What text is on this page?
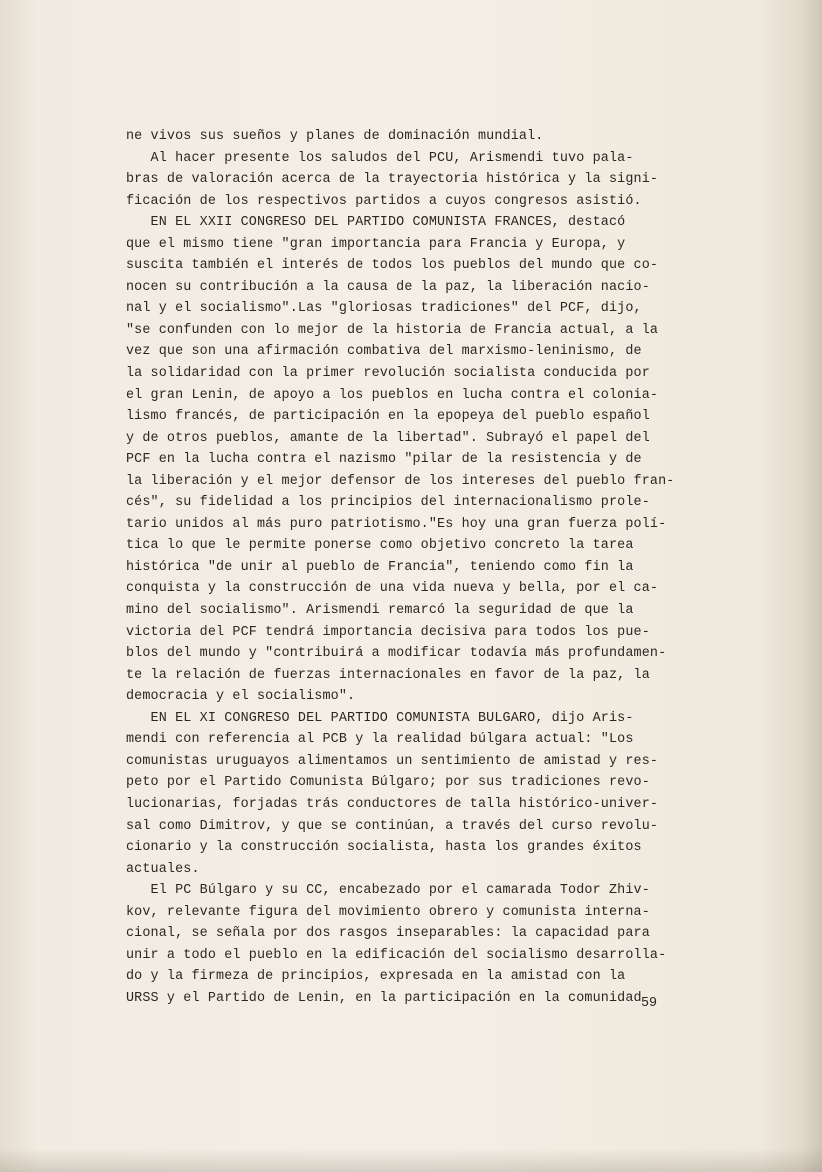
ne vivos sus sueños y planes de dominación mundial.
Al hacer presente los saludos del PCU, Arismendi tuvo pala-
bras de valoración acerca de la trayectoria histórica y la signi-
ficación de los respectivos partidos a cuyos congresos asistió.
EN EL XXII CONGRESO DEL PARTIDO COMUNISTA FRANCES, destacó
que el mismo tiene "gran importancia para Francia y Europa, y
suscita también el interés de todos los pueblos del mundo que co-
nocen su contribución a la causa de la paz, la liberación nacio-
nal y el socialismo".Las "gloriosas tradiciones" del PCF, dijo,
"se confunden con lo mejor de la historia de Francia actual, a la
vez que son una afirmación combativa del marxismo-leninismo, de
la solidaridad con la primer revolución socialista conducida por
el gran Lenin, de apoyo a los pueblos en lucha contra el colonia-
lismo francés, de participación en la epopeya del pueblo español
y de otros pueblos, amante de la libertad". Subrayó el papel del
PCF en la lucha contra el nazismo "pilar de la resistencia y de
la liberación y el mejor defensor de los intereses del pueblo fran-
cés", su fidelidad a los principios del internacionalismo prole-
tario unidos al más puro patriotismo."Es hoy una gran fuerza polí-
tica lo que le permite ponerse como objetivo concreto la tarea
histórica "de unir al pueblo de Francia", teniendo como fin la
conquista y la construcción de una vida nueva y bella, por el ca-
mino del socialismo". Arismendi remarcó la seguridad de que la
victoria del PCF tendrá importancia decisiva para todos los pue-
blos del mundo y "contribuirá a modificar todavía más profundamen-
te la relación de fuerzas internacionales en favor de la paz, la
democracia y el socialismo".
EN EL XI CONGRESO DEL PARTIDO COMUNISTA BULGARO, dijo Aris-
mendi con referencia al PCB y la realidad búlgara actual: "Los
comunistas uruguayos alimentamos un sentimiento de amistad y res-
peto por el Partido Comunista Búlgaro; por sus tradiciones revo-
lucionarias, forjadas trás conductores de talla histórico-univer-
sal como Dimitrov, y que se continúan, a través del curso revolu-
cionario y la construcción socialista, hasta los grandes éxitos
actuales.
El PC Búlgaro y su CC, encabezado por el camarada Todor Zhiv-
kov, relevante figura del movimiento obrero y comunista interna-
cional, se señala por dos rasgos inseparables: la capacidad para
unir a todo el pueblo en la edificación del socialismo desarrolla-
do y la firmeza de principios, expresada en la amistad con la
URSS y el Partido de Lenin, en la participación en la comunidad 59
